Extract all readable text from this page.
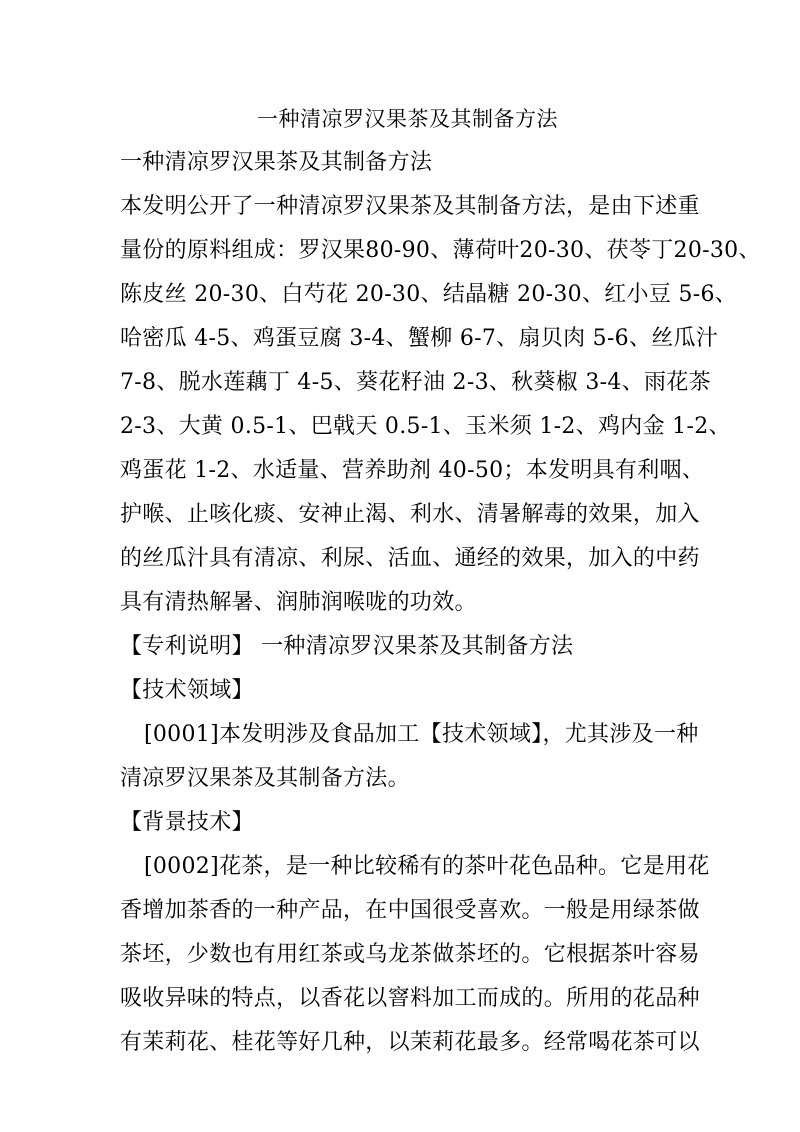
一种清凉罗汉果茶及其制备方法

一种清凉罗汉果茶及其制备方法

本发明公开了一种清凉罗汉果茶及其制备方法，是由下述重

量份的原料组成：罗汉果80-90、薄荷叶20-30、茯苓丁20-30、

陈皮丝 20-30、白芍花 20-30、结晶糖 20-30、红小豆 5-6、

哈密瓜 4-5、鸡蛋豆腐 3-4、蟹柳 6-7、扇贝肉 5-6、丝瓜汁

7-8、脱水莲藕丁 4-5、葵花籽油 2-3、秋葵椒 3-4、雨花茶

2-3、大黄 0.5-1、巴戟天 0.5-1、玉米须 1-2、鸡内金 1-2、

鸡蛋花 1-2、水适量、营养助剂 40-50；本发明具有利咽、

护喉、止咳化痰、安神止渴、利水、清暑解毒的效果，加入

的丝瓜汁具有清凉、利尿、活血、通经的效果，加入的中药

具有清热解暑、润肺润喉咙的功效。

【专利说明】 一种清凉罗汉果茶及其制备方法

【技术领域】

[0001]本发明涉及食品加工【技术领域】，尤其涉及一种

清凉罗汉果茶及其制备方法。

【背景技术】

[0002]花茶，是一种比较稀有的茶叶花色品种。它是用花

香增加茶香的一种产品，在中国很受喜欢。一般是用绿茶做

茶坯，少数也有用红茶或乌龙茶做茶坯的。它根据茶叶容易

吸收异味的特点，以香花以窨料加工而成的。所用的花品种

有茉莉花、桂花等好几种，以茉莉花最多。经常喝花茶可以
